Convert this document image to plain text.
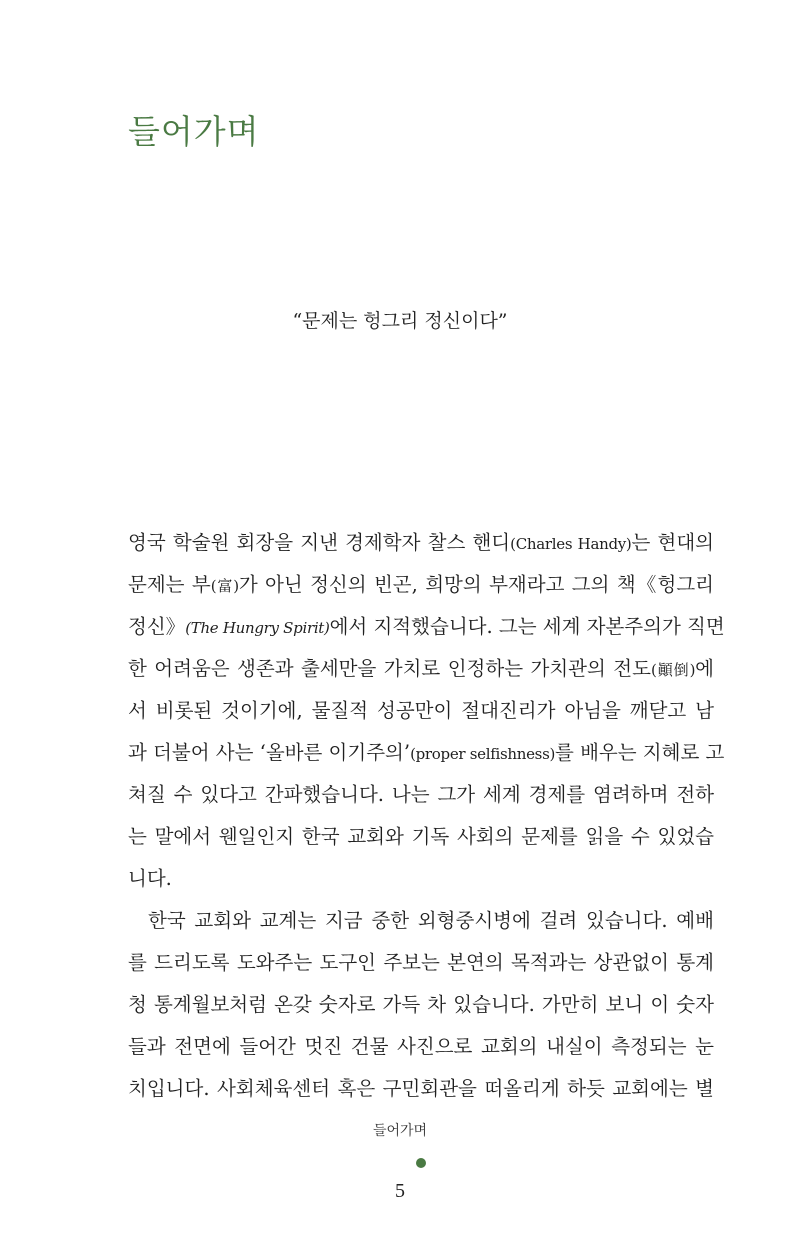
들어가며
“문제는 헝그리 정신이다”
영국 학술원 회장을 지낸 경제학자 찰스 핸디(Charles Handy)는 현대의
문제는 부(富)가 아닌 정신의 빈곤, 희망의 부재라고 그의 책《헝그리
정신》(The Hungry Spirit)에서 지적했습니다. 그는 세계 자본주의가 직면
한 어려움은 생존과 출세만을 가치로 인정하는 가치관의 전도(顚倒)에
서 비롯된 것이기에, 물질적 성공만이 절대진리가 아님을 깨닫고 남
과 더불어 사는 ‘올바른 이기주의’(proper selfishness)를 배우는 지혜로 고
쳐질 수 있다고 간파했습니다. 나는 그가 세계 경제를 염려하며 전하
는 말에서 웬일인지 한국 교회와 기독 사회의 문제를 읽을 수 있었습
니다.
한국 교회와 교계는 지금 중한 외형중시병에 걸려 있습니다. 예배
를 드리도록 도와주는 도구인 주보는 본연의 목적과는 상관없이 통계
청 통계월보처럼 온갖 숫자로 가득 차 있습니다. 가만히 보니 이 숫자
들과 전면에 들어간 멋진 건물 사진으로 교회의 내실이 측정되는 눈
치입니다. 사회체육센터 혹은 구민회관을 떠올리게 하듯 교회에는 별
들어가며
5
